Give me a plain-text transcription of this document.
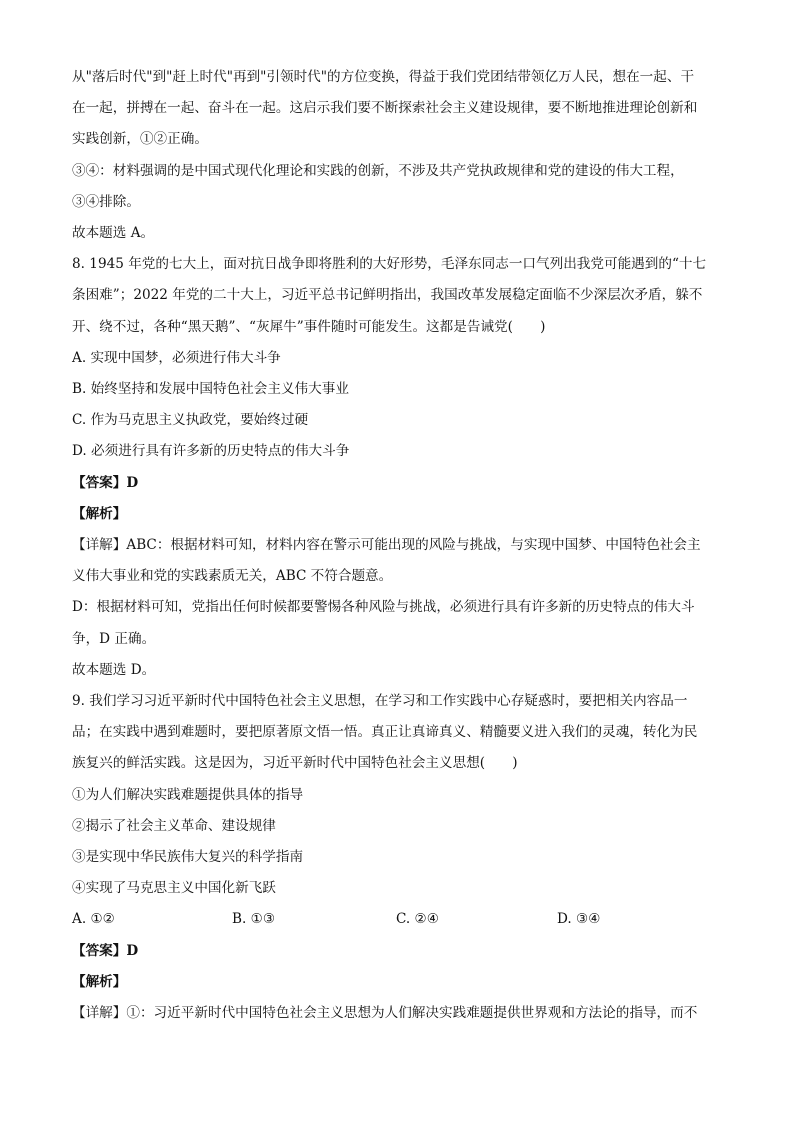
从"落后时代"到"赶上时代"再到"引领时代"的方位变换，得益于我们党团结带领亿万人民，想在一起、干

在一起，拼搏在一起、奋斗在一起。这启示我们要不断探索社会主义建设规律，要不断地推进理论创新和

实践创新，①②正确。

③④：材料强调的是中国式现代化理论和实践的创新，不涉及共产党执政规律和党的建设的伟大工程，

③④排除。

故本题选 A。

8. 1945 年党的七大上，面对抗日战争即将胜利的大好形势，毛泽东同志一口气列出我党可能遇到的“十七

条困难”；2022 年党的二十大上，习近平总书记鲜明指出，我国改革发展稳定面临不少深层次矛盾，躲不

开、绕不过，各种“黑天鹅”、“灰犀牛”事件随时可能发生。这都是告诫党(　　)

A. 实现中国梦，必须进行伟大斗争

B. 始终坚持和发展中国特色社会主义伟大事业

C. 作为马克思主义执政党，要始终过硬

D. 必须进行具有许多新的历史特点的伟大斗争

【答案】D

【解析】

【详解】ABC：根据材料可知，材料内容在警示可能出现的风险与挑战，与实现中国梦、中国特色社会主

义伟大事业和党的实践素质无关，ABC 不符合题意。

D：根据材料可知，党指出任何时候都要警惕各种风险与挑战，必须进行具有许多新的历史特点的伟大斗

争，D 正确。

故本题选 D。

9. 我们学习习近平新时代中国特色社会主义思想，在学习和工作实践中心存疑惑时，要把相关内容品一

品；在实践中遇到难题时，要把原著原文悟一悟。真正让真谛真义、精髓要义进入我们的灵魂，转化为民

族复兴的鲜活实践。这是因为，习近平新时代中国特色社会主义思想(　　)

①为人们解决实践难题提供具体的指导

②揭示了社会主义革命、建设规律

③是实现中华民族伟大复兴的科学指南

④实现了马克思主义中国化新飞跃

A. ①②	B. ①③	C. ②④	D. ③④

【答案】D

【解析】

【详解】①：习近平新时代中国特色社会主义思想为人们解决实践难题提供世界观和方法论的指导，而不
